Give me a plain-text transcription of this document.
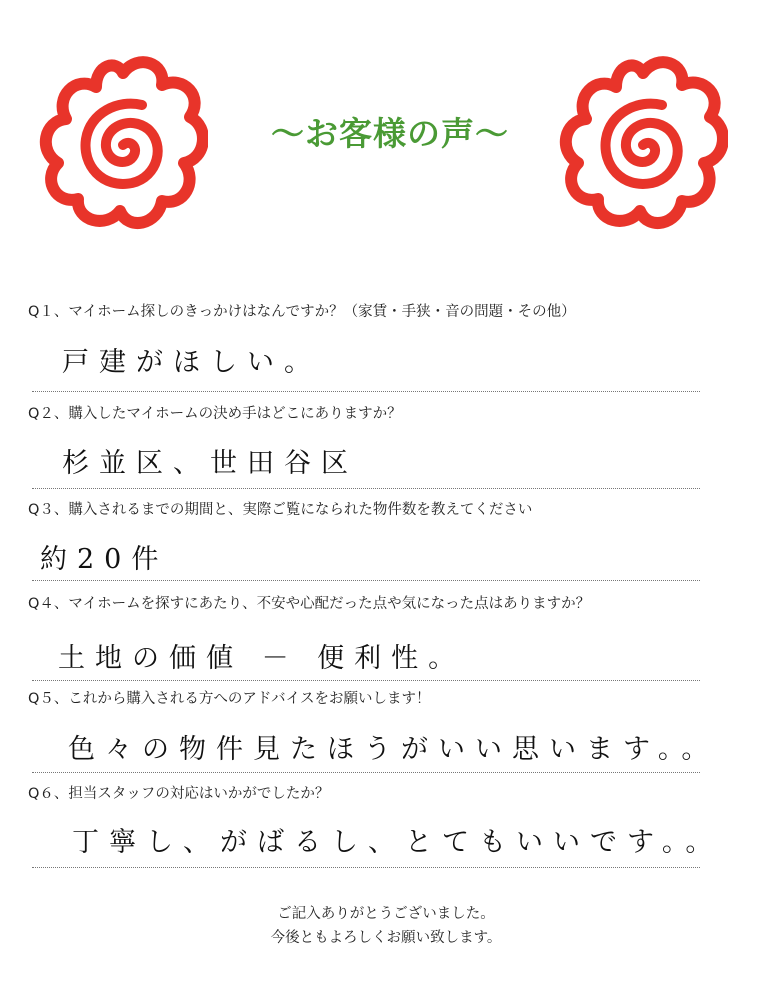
〜お客様の声〜
Q１、マイホーム探しのきっかけはなんですか？（家賃・手狭・音の問題・その他）
戸建がほしい。
Q２、購入したマイホームの決め手はどこにありますか？
杉並区、世田谷区
Q３、購入されるまでの期間と、実際ご覧になられた物件数を教えてください
約20件
Q４、マイホームを探すにあたり、不安や心配だった点や気になった点はありますか？
土地の価値 － 便利性。
Q５、これから購入される方へのアドバイスをお願いします！
色々の物件見たほうがいい思います。。
Q６、担当スタッフの対応はいかがでしたか？
丁寧し、がばるし、とてもいいです。。
ご記入ありがとうございました。
今後ともよろしくお願い致します。
